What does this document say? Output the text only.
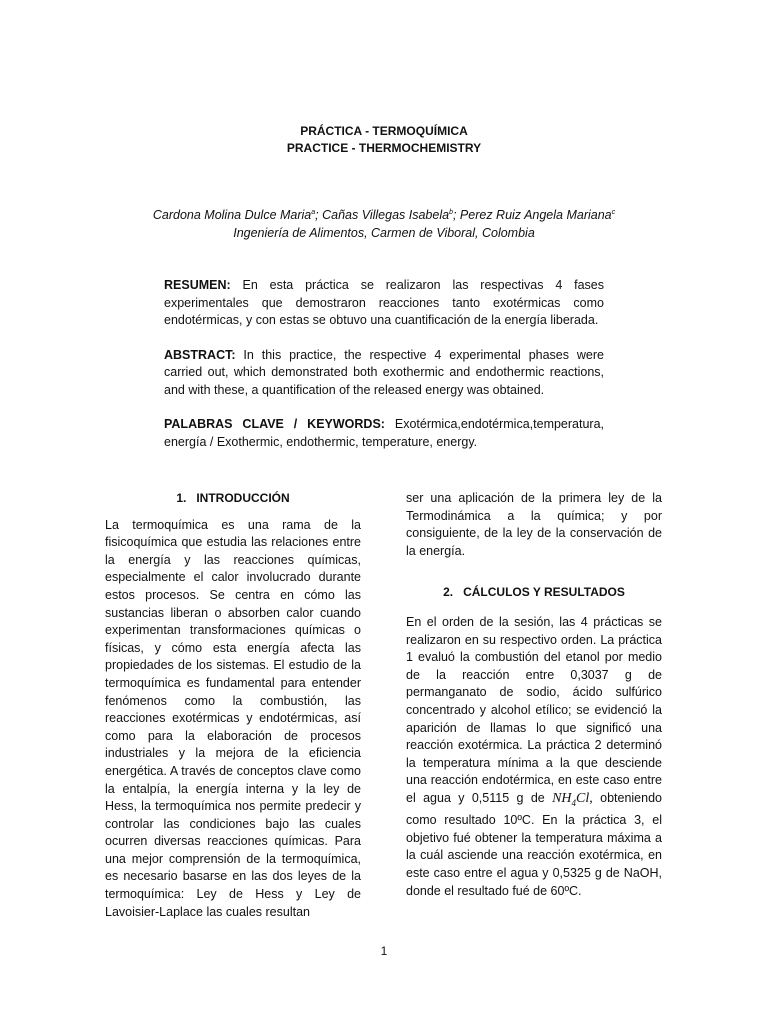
PRÁCTICA - TERMOQUÍMICA
PRACTICE - THERMOCHEMISTRY
Cardona Molina Dulce Maria$^a$; Cañas Villegas Isabela$^b$; Perez Ruiz Angela Mariana$^c$
Ingeniería de Alimentos, Carmen de Viboral, Colombia

RESUMEN: En esta práctica se realizaron las respectivas 4 fases experimentales que demostraron reacciones tanto exotérmicas como endotérmicas, y con estas se obtuvo una cuantificación de la energía liberada.

ABSTRACT: In this practice, the respective 4 experimental phases were carried out, which demonstrated both exothermic and endothermic reactions, and with these, a quantification of the released energy was obtained.

PALABRAS CLAVE / KEYWORDS: Exotérmica,endotérmica,temperatura, energía / Exothermic, endothermic, temperature, energy.

1.   INTRODUCCIÓN

La termoquímica es una rama de la fisicoquímica que estudia las relaciones entre la energía y las reacciones químicas, especialmente el calor involucrado durante estos procesos. Se centra en cómo las sustancias liberan o absorben calor cuando experimentan transformaciones químicas o físicas, y cómo esta energía afecta las propiedades de los sistemas. El estudio de la termoquímica es fundamental para entender fenómenos como la combustión, las reacciones exotérmicas y endotérmicas, así como para la elaboración de procesos industriales y la mejora de la eficiencia energética. A través de conceptos clave como la entalpía, la energía interna y la ley de Hess, la termoquímica nos permite predecir y controlar las condiciones bajo las cuales ocurren diversas reacciones químicas. Para una mejor comprensión de la termoquímica, es necesario basarse en las dos leyes de la termoquímica: Ley de Hess y Ley de Lavoisier-Laplace las cuales resultan

ser una aplicación de la primera ley de la Termodinámica a la química; y por consiguiente, de la ley de la conservación de la energía.

2.   CÁLCULOS Y RESULTADOS

En el orden de la sesión, las 4 prácticas se realizaron en su respectivo orden. La práctica 1 evaluó la combustión del etanol por medio de la reacción entre 0,3037 g de permanganato de sodio, ácido sulfúrico concentrado y alcohol etílico; se evidenció la aparición de llamas lo que significó una reacción exotérmica. La práctica 2 determinó la temperatura mínima a la que desciende una reacción endotérmica, en este caso entre el agua y 0,5115 g de $NH_4Cl$, obteniendo como resultado 10ºC. En la práctica 3, el objetivo fué obtener la temperatura máxima a la cuál asciende una reacción exotérmica, en este caso entre el agua y 0,5325 g de NaOH, donde el resultado fué de 60ºC.

1
